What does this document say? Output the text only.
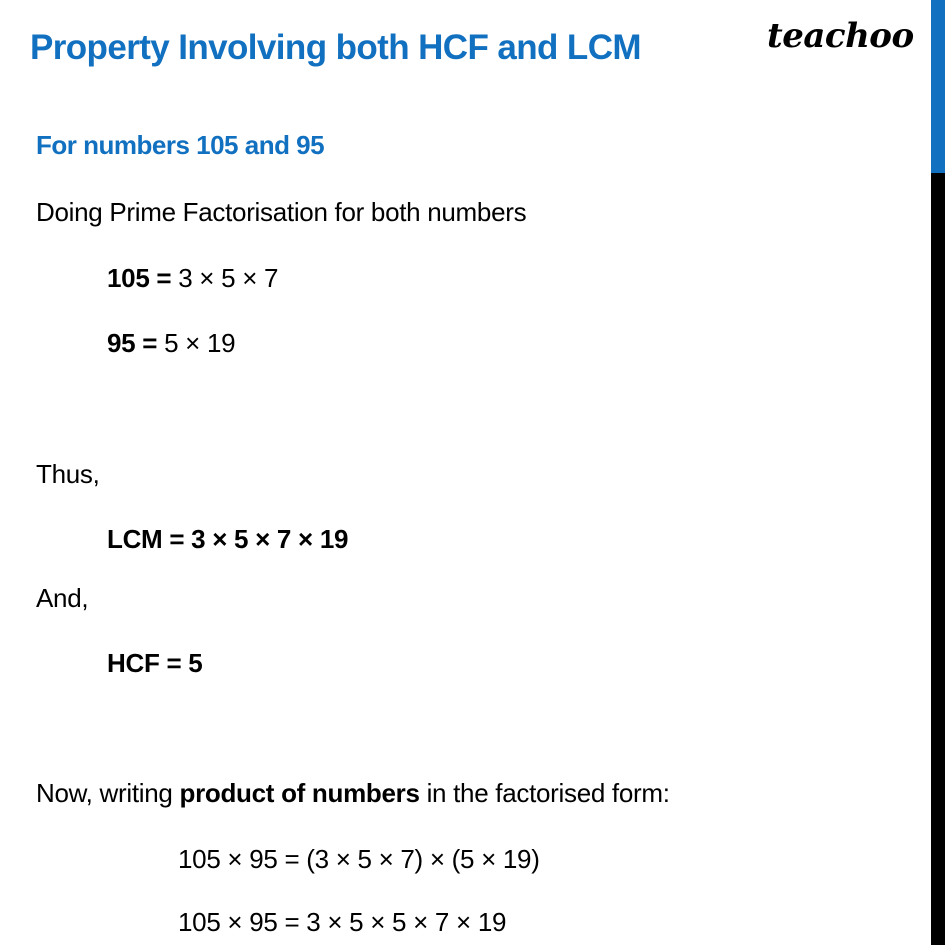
Property Involving both HCF and LCM	teachoo
For numbers 105 and 95
Doing Prime Factorisation for both numbers
105 = 3 × 5 × 7
95 = 5 × 19
Thus,
LCM = 3 × 5 × 7 × 19
And,
HCF = 5
Now, writing product of numbers in the factorised form:
105 × 95 = (3 × 5 × 7) × (5 × 19)
105 × 95 = 3 × 5 × 5 × 7 × 19
